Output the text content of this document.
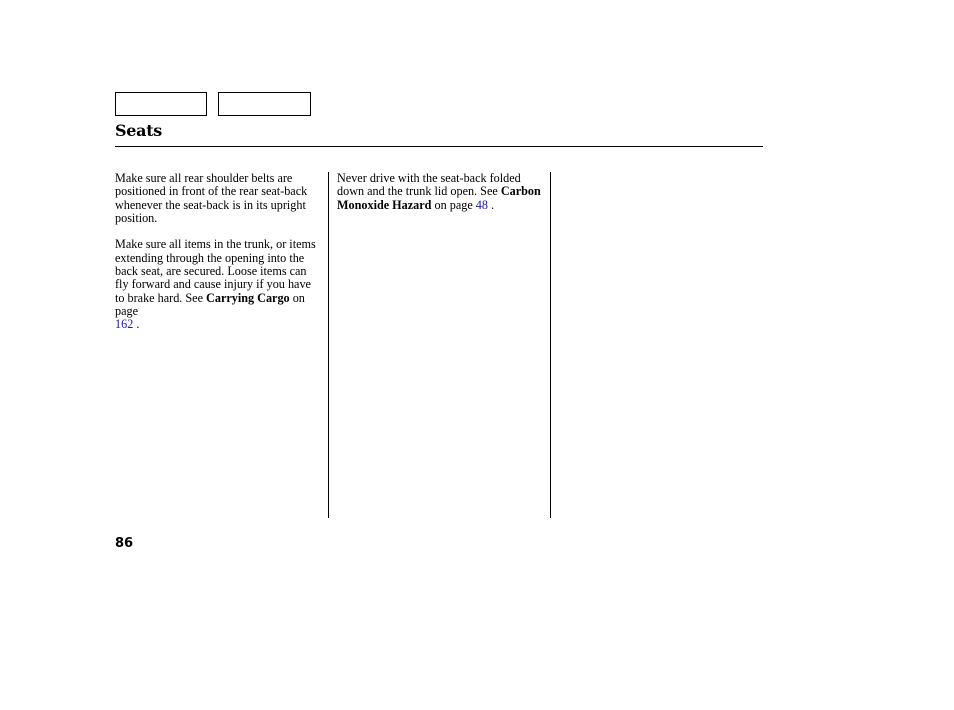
Seats

Make sure all rear shoulder belts are positioned in front of the rear seat-back whenever the seat-back is in its upright position.

Make sure all items in the trunk, or items extending through the opening into the back seat, are secured. Loose items can fly forward and cause injury if you have to brake hard. See Carrying Cargo on page
162 .

Never drive with the seat-back folded down and the trunk lid open. See Carbon Monoxide Hazard on page 48 .

86
